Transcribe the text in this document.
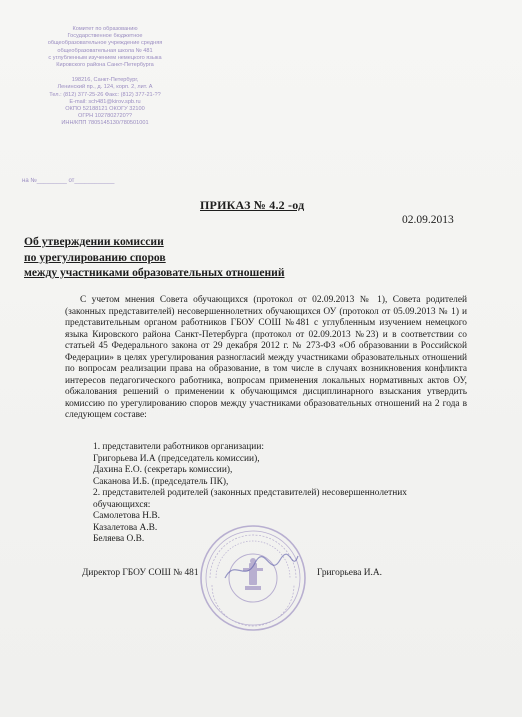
Комитет по образованию
Государственное бюджетное
общеобразовательное учреждение средняя
общеобразовательная школа № 481
с углубленным изучением немецкого языка
Кировского района Санкт-Петербурга
198216, Санкт-Петербург,
Ленинский пр., д. 124, корп. 2, лит. А
Тел.: (812) 377-25-26 Факс: (812) 377-21-??
E-mail: sch481@kirov.spb.ru
ОКПО 52188121 ОКОГУ 32100
ОГРН 1027802720??
ИНН/КПП 7805145130/780501001
на №_________ от____________
ПРИКАЗ № 4.2 -од
02.09.2013
Об утверждении комиссии
по урегулированию споров
между участниками образовательных отношений

С учетом мнения Совета обучающихся (протокол от 02.09.2013 № 1), Совета родителей (законных представителей) несовершеннолетних обучающихся ОУ (протокол от 05.09.2013 № 1) и представительным органом работников ГБОУ СОШ №481 с углубленным изучением немецкого языка Кировского района Санкт-Петербурга (протокол от 02.09.2013 №23) и в соответствии со статьей 45 Федерального закона от 29 декабря 2012 г. № 273-ФЗ «Об образовании в Российской Федерации» в целях урегулирования разногласий между участниками образовательных отношений по вопросам реализации права на образование, в том числе в случаях возникновения конфликта интересов педагогического работника, вопросам применения локальных нормативных актов ОУ, обжалования решений о применении к обучающимся дисциплинарного взыскания утвердить комиссию по урегулированию споров между участниками образовательных отношений на 2 года в следующем составе:

1. представители работников организации:
Григорьева И.А (председатель комиссии),
Дахина Е.О. (секретарь комиссии),
Саканова И.Б. (председатель ПК),
2. представителей родителей (законных представителей) несовершеннолетних
обучающихся:
Самолетова Н.В.
Казалетова А.В.
Беляева О.В.
Директор ГБОУ СОШ № 481	Григорьева И.А.
